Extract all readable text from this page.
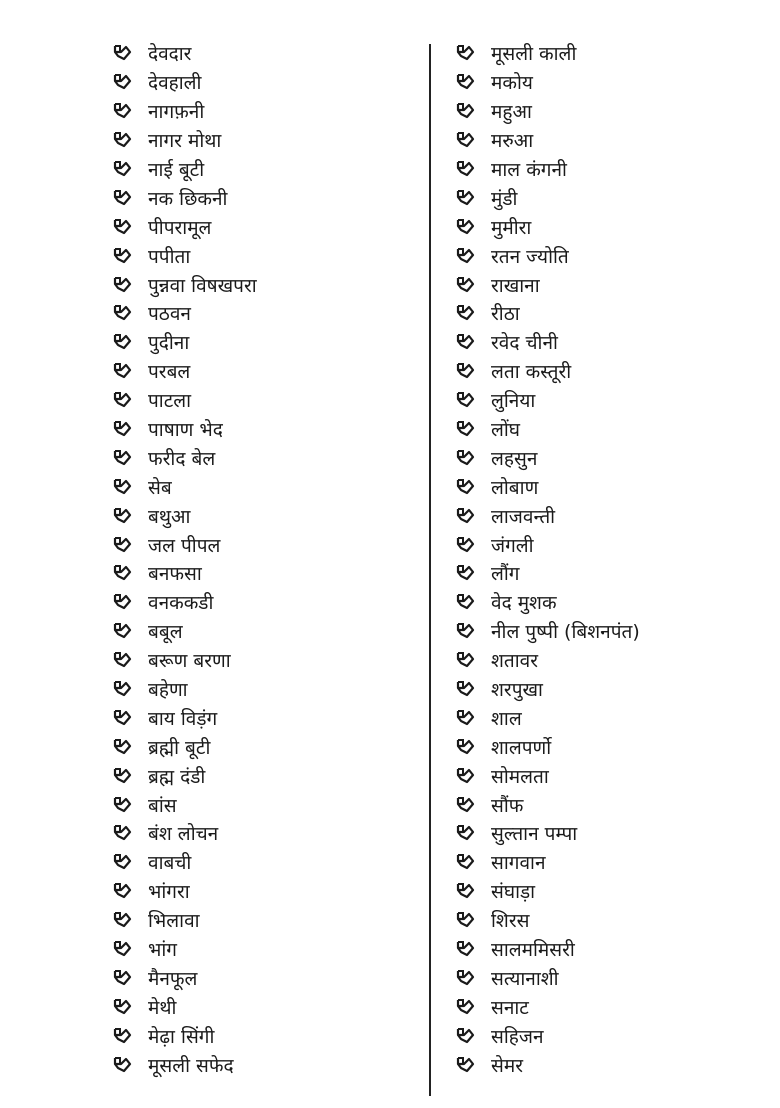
देवदार
देवहाली
नागफ़नी
नागर मोथा
नाई बूटी
नक छिकनी
पीपरामूल
पपीता
पुन्नवा विषखपरा
पठवन
पुदीना
परबल
पाटला
पाषाण भेद
फरीद बेल
सेब
बथुआ
जल पीपल
बनफसा
वनककडी
बबूल
बरूण बरणा
बहेणा
बाय विड़ंग
ब्रह्मी बूटी
ब्रह्म दंडी
बांस
बंश लोचन
वाबची
भांगरा
भिलावा
भांग
मैनफूल
मेथी
मेढ़ा सिंगी
मूसली सफेद
मूसली काली
मकोय
महुआ
मरुआ
माल कंगनी
मुंडी
मुमीरा
रतन ज्योति
राखाना
रीठा
रवेद चीनी
लता कस्तूरी
लुनिया
लोंघ
लहसुन
लोबाण
लाजवन्ती
जंगली
लौंग
वेद मुशक
नील पुष्पी (बिशनपंत)
शतावर
शरपुखा
शाल
शालपर्णो
सोमलता
सौंफ
सुल्तान पम्पा
सागवान
संघाड़ा
शिरस
सालममिसरी
सत्यानाशी
सनाट
सहिजन
सेमर
